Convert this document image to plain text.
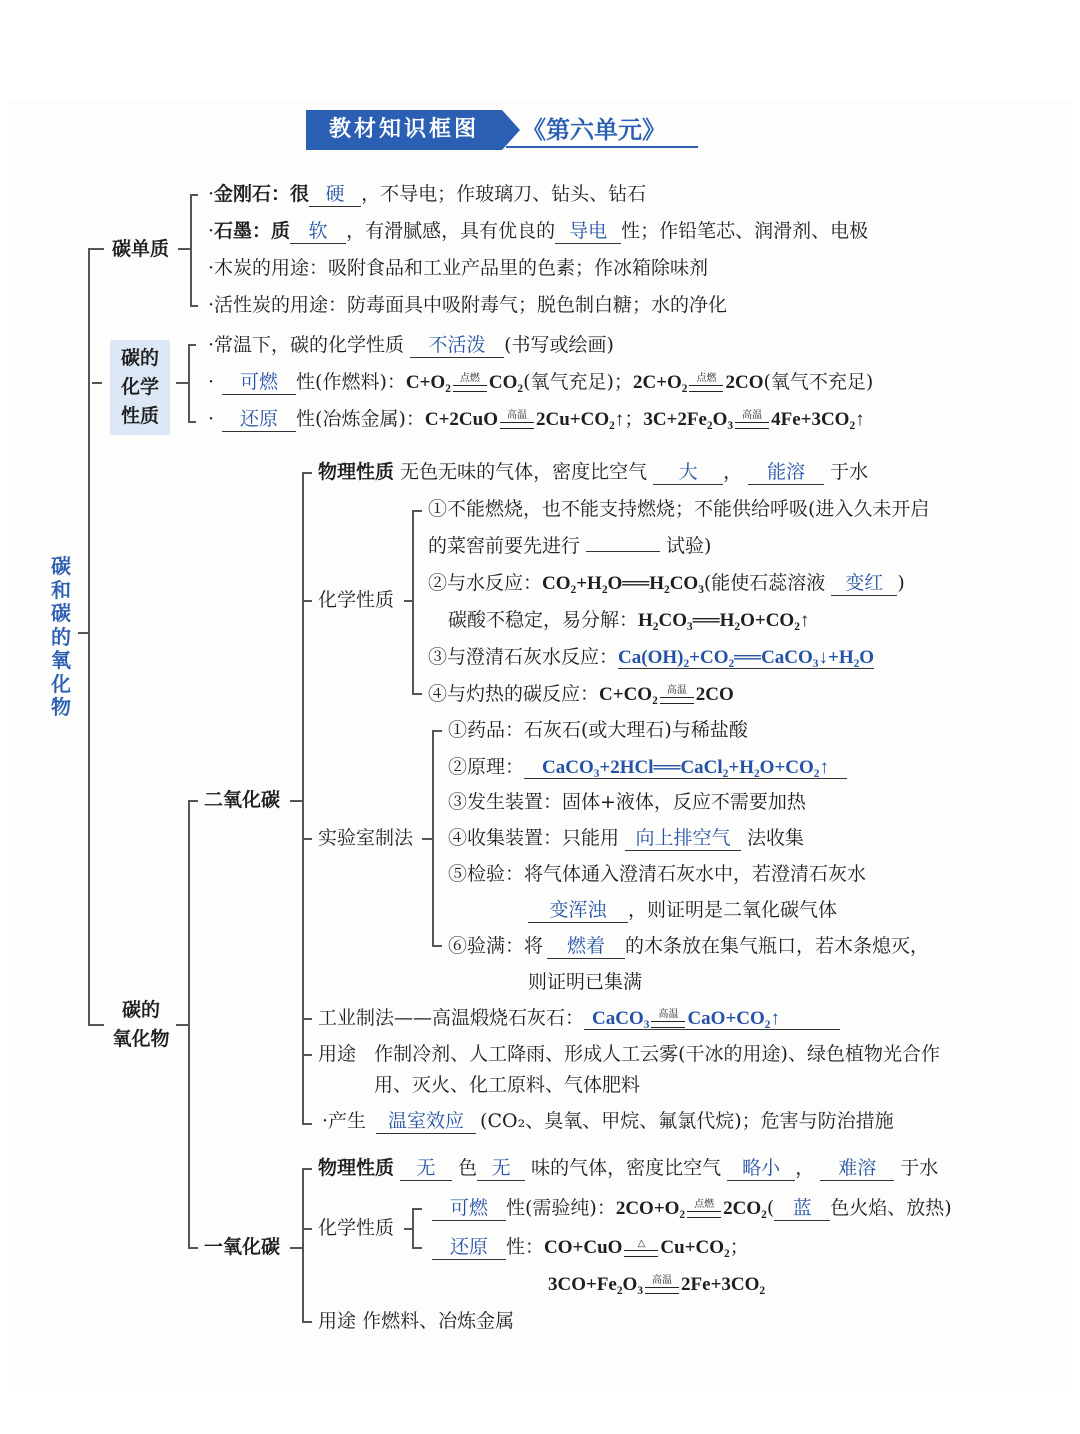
教材知识框图	《第六单元》
碳和碳的氧化物
碳单质
·金刚石：很 硬 ，不导电；作玻璃刀、钻头、钻石
·石墨：质 软 ，有滑腻感，具有优良的 导电 性；作铅笔芯、润滑剂、电极
·木炭的用途：吸附食品和工业产品里的色素；作冰箱除味剂
·活性炭的用途：防毒面具中吸附毒气；脱色制白糖；水的净化
碳的
化学
性质
·常温下，碳的化学性质 不活泼 (书写或绘画)
· 可燃 性(作燃料)：C+O₂ 点燃 CO₂(氧气充足)；2C+O₂ 点燃 2CO(氧气不充足)
· 还原 性(冶炼金属)：C+2CuO 高温 2Cu+CO₂↑；3C+2Fe₂O₃ 高温 4Fe+3CO₂↑
碳的
氧化物
二氧化碳
物理性质 无色无味的气体，密度比空气 大 ， 能溶 于水
化学性质
①不能燃烧，也不能支持燃烧；不能供给呼吸(进入久未开启
的菜窖前要先进行	试验)
②与水反应：CO₂+H₂O══H₂CO₃(能使石蕊溶液 变红 )
碳酸不稳定，易分解：H₂CO₃══H₂O+CO₂↑
③与澄清石灰水反应：Ca(OH)₂+CO₂══CaCO₃↓+H₂O
④与灼热的碳反应：C+CO₂ 高温 2CO
实验室制法
①药品：石灰石(或大理石)与稀盐酸
②原理： CaCO₃+2HCl══CaCl₂+H₂O+CO₂↑
③发生装置：固体+液体，反应不需要加热
④收集装置：只能用 向上排空气 法收集
⑤检验：将气体通入澄清石灰水中，若澄清石灰水
变浑浊 ，则证明是二氧化碳气体
⑥验满：将 燃着 的木条放在集气瓶口，若木条熄灭，
则证明已集满
工业制法——高温煅烧石灰石： CaCO₃ 高温 CaO+CO₂↑
用途 作制冷剂、人工降雨、形成人工云雾(干冰的用途)、绿色植物光合作
用、灭火、化工原料、气体肥料
·产生 温室效应 (CO₂、臭氧、甲烷、氟氯代烷)；危害与防治措施
一氧化碳
物理性质 无 色 无 味的气体，密度比空气 略小 ， 难溶 于水
化学性质
可燃 性(需验纯)：2CO+O₂ 点燃 2CO₂( 蓝 色火焰、放热)
还原 性：CO+CuO	△ Cu+CO₂；
3CO+Fe₂O₃ 高温 2Fe+3CO₂
用途 作燃料、冶炼金属
